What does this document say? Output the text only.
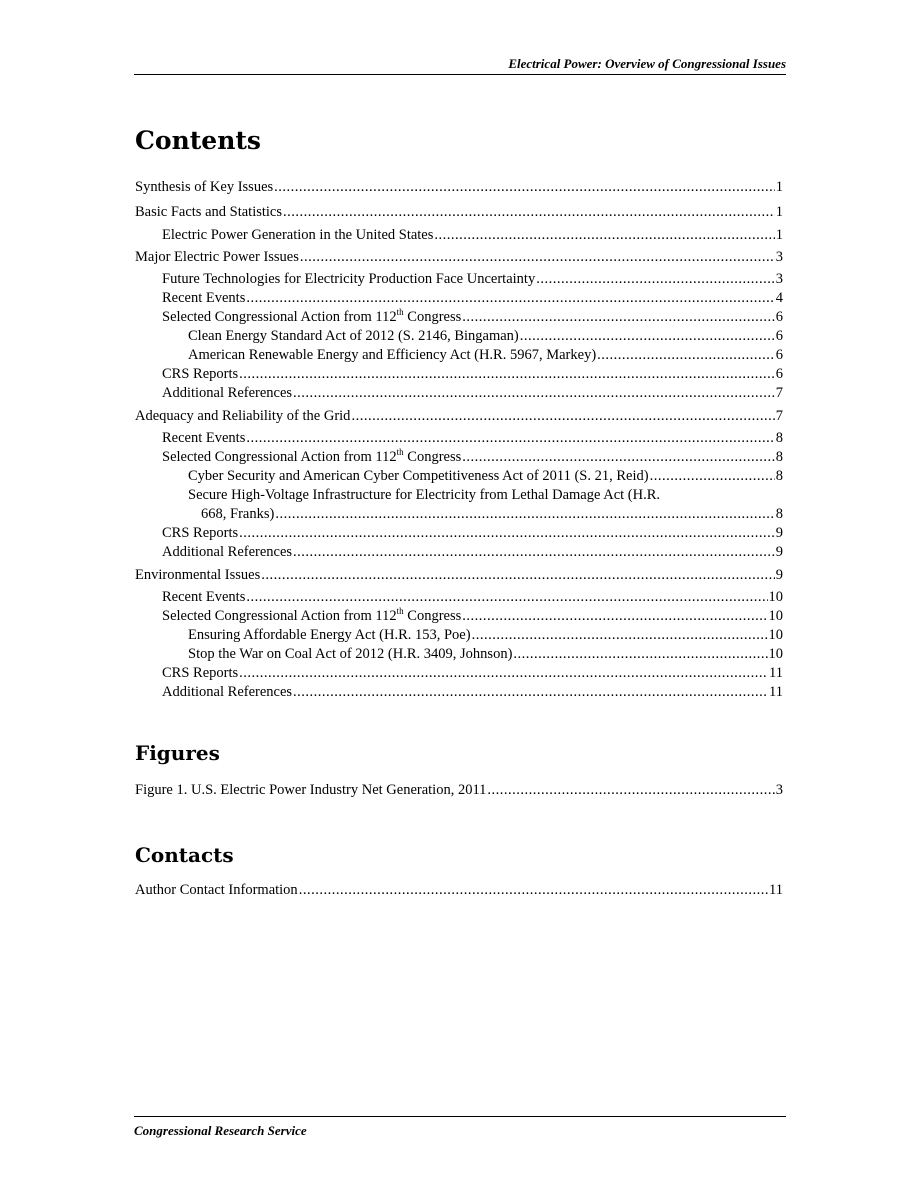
Electrical Power: Overview of Congressional Issues
Contents
Synthesis of Key Issues .....	1
Basic Facts and Statistics .....	1
Electric Power Generation in the United States .....	1
Major Electric Power Issues .....	3
Future Technologies for Electricity Production Face Uncertainty .....	3
Recent Events .....	4
Selected Congressional Action from 112th Congress .....	6
Clean Energy Standard Act of 2012 (S. 2146, Bingaman) .....	6
American Renewable Energy and Efficiency Act (H.R. 5967, Markey) .....	6
CRS Reports .....	6
Additional References .....	7
Adequacy and Reliability of the Grid .....	7
Recent Events .....	8
Selected Congressional Action from 112th Congress .....	8
Cyber Security and American Cyber Competitiveness Act of 2011 (S. 21, Reid) .....	8
Secure High-Voltage Infrastructure for Electricity from Lethal Damage Act (H.R.
668, Franks) .....	8
CRS Reports .....	9
Additional References .....	9
Environmental Issues .....	9
Recent Events .....	10
Selected Congressional Action from 112th Congress .....	10
Ensuring Affordable Energy Act (H.R. 153, Poe) .....	10
Stop the War on Coal Act of 2012 (H.R. 3409, Johnson) .....	10
CRS Reports .....	11
Additional References .....	11
Figures
Figure 1. U.S. Electric Power Industry Net Generation, 2011 .....	3
Contacts
Author Contact Information .....	11
Congressional Research Service
